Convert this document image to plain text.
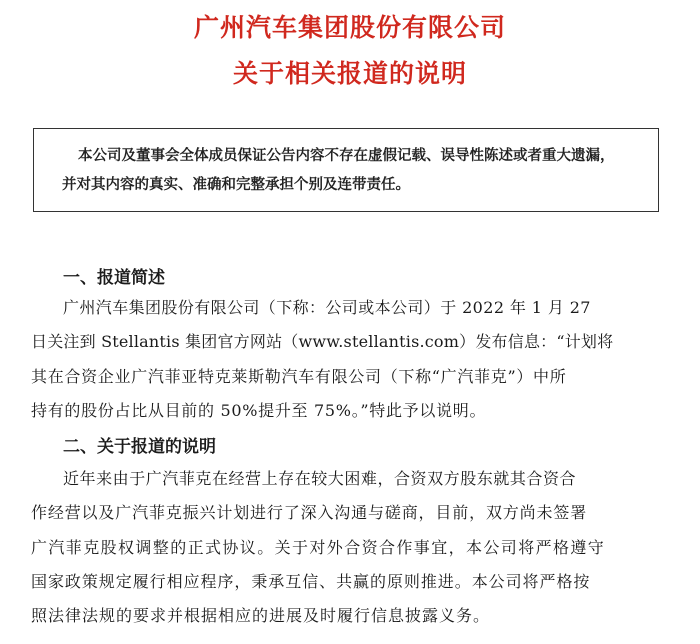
广州汽车集团股份有限公司
关于相关报道的说明
本公司及董事会全体成员保证公告内容不存在虚假记载、误导性陈述或者重大遗漏，
并对其内容的真实、准确和完整承担个别及连带责任。
一、报道简述
广州汽车集团股份有限公司（下称：公司或本公司）于 2022 年 1 月 27
日关注到 Stellantis 集团官方网站（www.stellantis.com）发布信息：“计划将
其在合资企业广汽菲亚特克莱斯勒汽车有限公司（下称“广汽菲克”）中所
持有的股份占比从目前的 50%提升至 75%。”特此予以说明。
二、关于报道的说明
近年来由于广汽菲克在经营上存在较大困难，合资双方股东就其合资合
作经营以及广汽菲克振兴计划进行了深入沟通与磋商，目前，双方尚未签署
广汽菲克股权调整的正式协议。关于对外合资合作事宜，本公司将严格遵守
国家政策规定履行相应程序，秉承互信、共赢的原则推进。本公司将严格按
照法律法规的要求并根据相应的进展及时履行信息披露义务。
